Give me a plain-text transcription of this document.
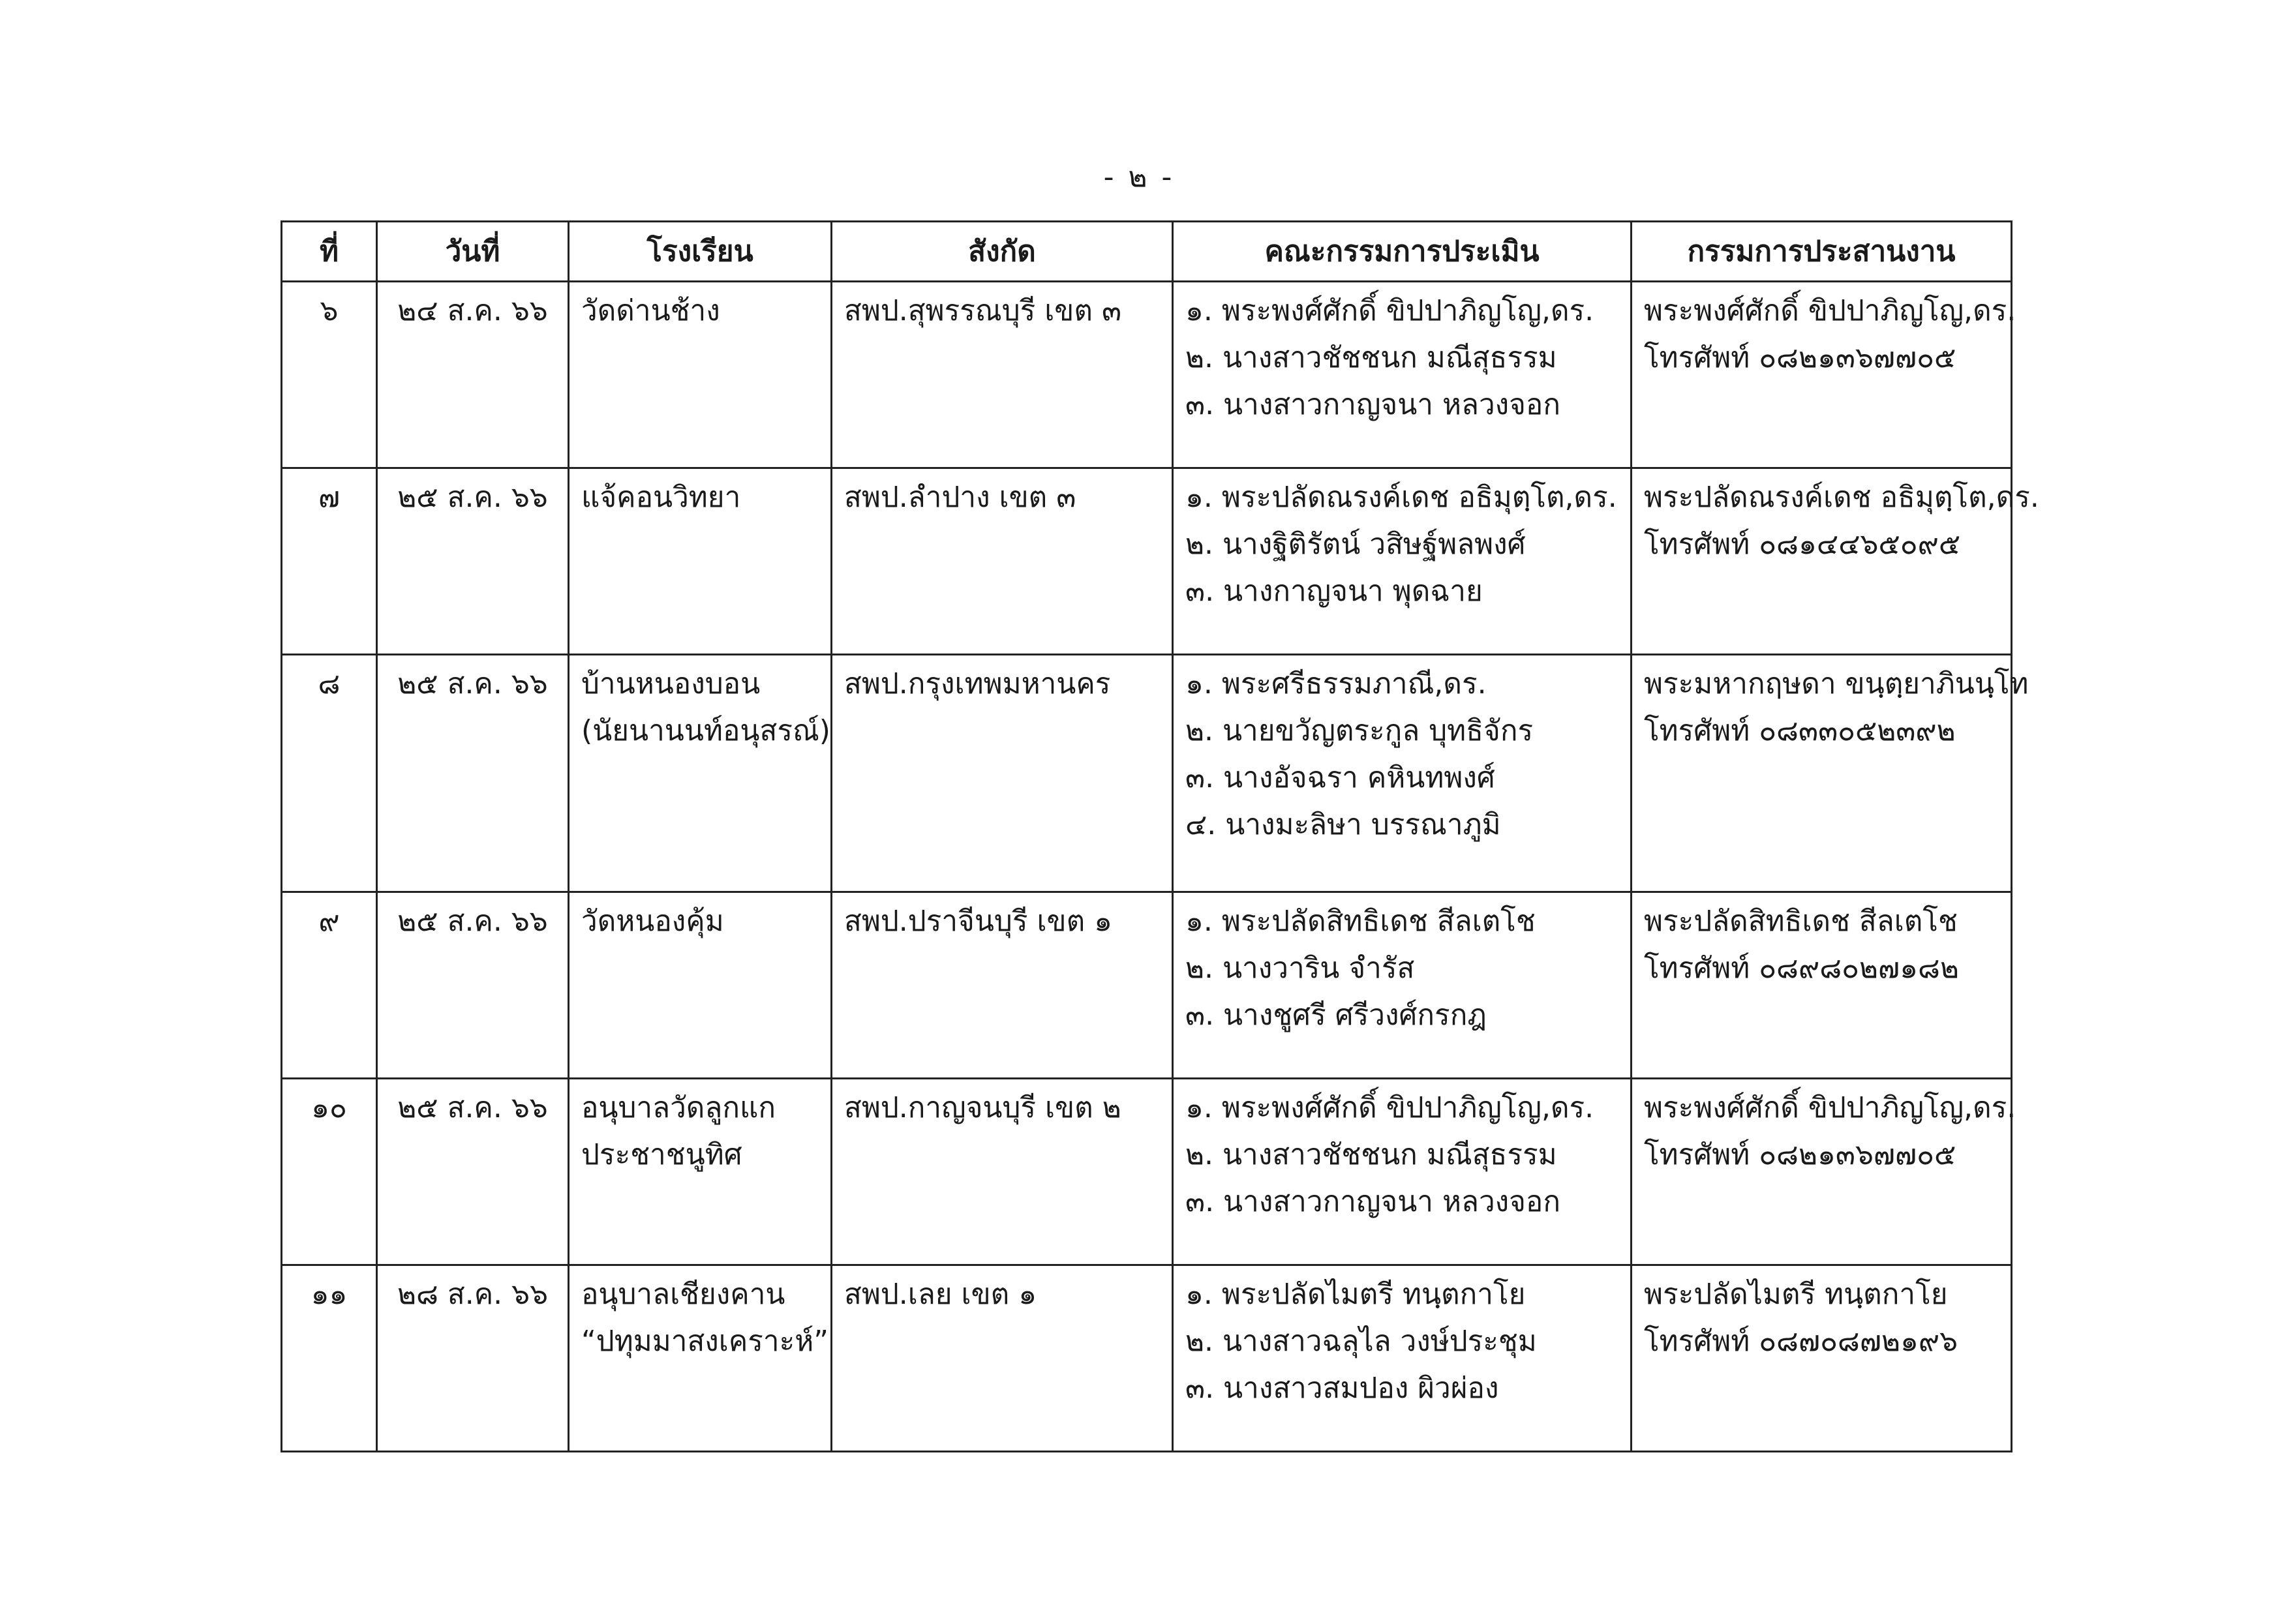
- ๒ -
ที่	วันที่	โรงเรียน	สังกัด	คณะกรรมการประเมิน	กรรมการประสานงาน
๖	๒๔ ส.ค. ๖๖	วัดด่านช้าง	สพป.สุพรรณบุรี เขต ๓	๑. พระพงศ์ศักดิ์ ขิปปาภิญโญ,ดร.
๒. นางสาวชัชชนก มณีสุธรรม
๓. นางสาวกาญจนา หลวงจอก	พระพงศ์ศักดิ์ ขิปปาภิญโญ,ดร.
โทรศัพท์ ๐๘๒๑๓๖๗๗๐๕

๗	๒๕ ส.ค. ๖๖	แจ้คอนวิทยา	สพป.ลำปาง เขต ๓	๑. พระปลัดณรงค์เดช อธิมุตฺโต,ดร.
๒. นางฐิติรัตน์ วสิษฐ์พลพงศ์
๓. นางกาญจนา พุดฉาย	พระปลัดณรงค์เดช อธิมุตฺโต,ดร.
โทรศัพท์ ๐๘๑๔๔๖๕๐๙๕

๘	๒๕ ส.ค. ๖๖	บ้านหนองบอน
(นัยนานนท์อนุสรณ์)	สพป.กรุงเทพมหานคร	๑. พระศรีธรรมภาณี,ดร.
๒. นายขวัญตระกูล บุทธิจักร
๓. นางอัจฉรา คหินทพงศ์
๔. นางมะลิษา บรรณาภูมิ	พระมหากฤษดา ขนฺตฺยาภินนฺโท
โทรศัพท์ ๐๘๓๓๐๕๒๓๙๒

๙	๒๕ ส.ค. ๖๖	วัดหนองคุ้ม	สพป.ปราจีนบุรี เขต ๑	๑. พระปลัดสิทธิเดช สีลเตโช
๒. นางวาริน จำรัส
๓. นางชูศรี ศรีวงศ์กรกฎ	พระปลัดสิทธิเดช สีลเตโช
โทรศัพท์ ๐๘๙๘๐๒๗๑๘๒

๑๐	๒๕ ส.ค. ๖๖	อนุบาลวัดลูกแก
ประชาชนูทิศ	สพป.กาญจนบุรี เขต ๒	๑. พระพงศ์ศักดิ์ ขิปปาภิญโญ,ดร.
๒. นางสาวชัชชนก มณีสุธรรม
๓. นางสาวกาญจนา หลวงจอก	พระพงศ์ศักดิ์ ขิปปาภิญโญ,ดร.
โทรศัพท์ ๐๘๒๑๓๖๗๗๐๕

๑๑	๒๘ ส.ค. ๖๖	อนุบาลเชียงคาน
“ปทุมมาสงเคราะห์”	สพป.เลย เขต ๑	๑. พระปลัดไมตรี ทนฺตกาโย
๒. นางสาวฉลุไล วงษ์ประชุม
๓. นางสาวสมปอง ผิวผ่อง	พระปลัดไมตรี ทนฺตกาโย
โทรศัพท์ ๐๘๗๐๘๗๒๑๙๖
